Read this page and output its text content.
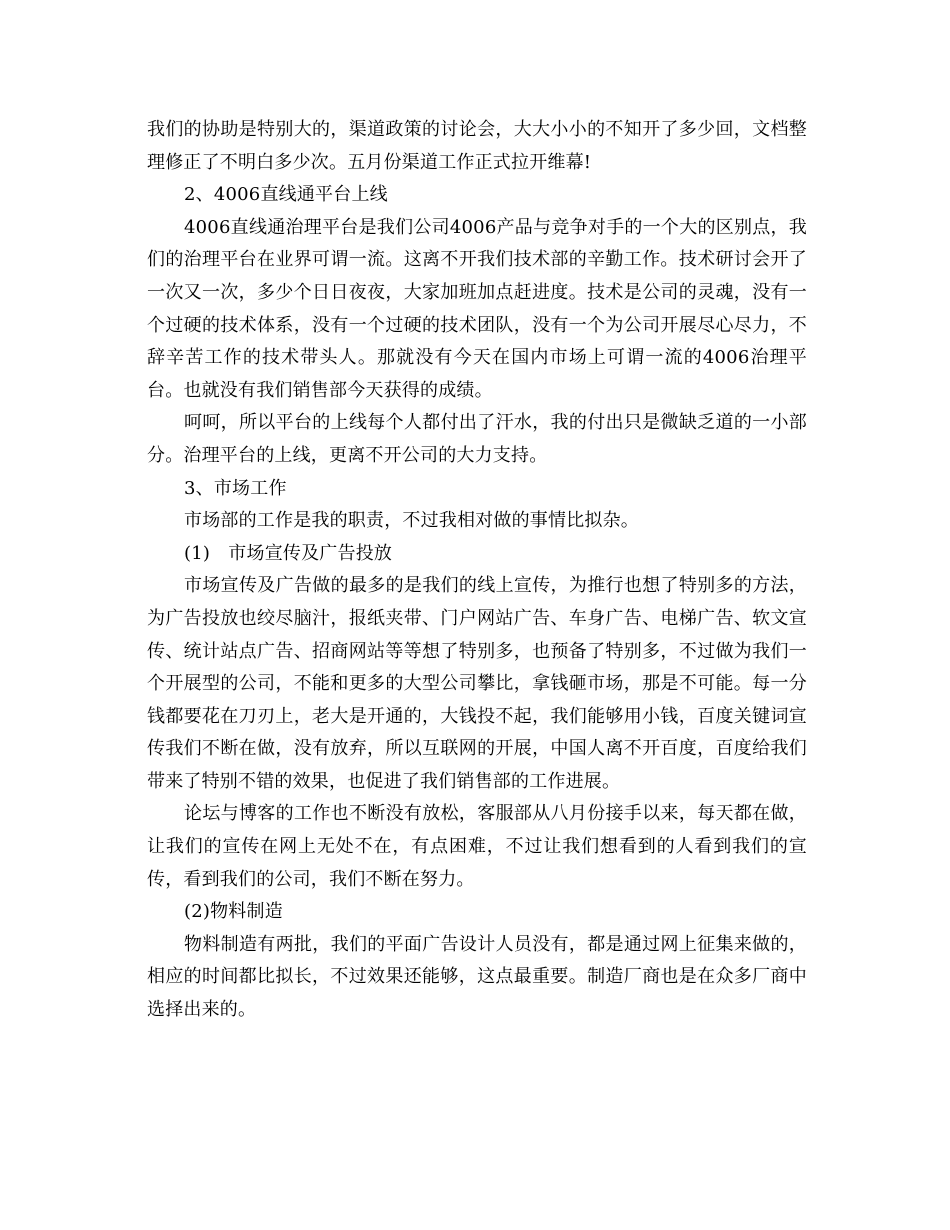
我们的协助是特别大的，渠道政策的讨论会，大大小小的不知开了多少回，文档整理修正了不明白多少次。五月份渠道工作正式拉开维幕!

2、4006直线通平台上线

4006直线通治理平台是我们公司4006产品与竞争对手的一个大的区别点，我们的治理平台在业界可谓一流。这离不开我们技术部的辛勤工作。技术研讨会开了一次又一次，多少个日日夜夜，大家加班加点赶进度。技术是公司的灵魂，没有一个过硬的技术体系，没有一个过硬的技术团队，没有一个为公司开展尽心尽力，不辞辛苦工作的技术带头人。那就没有今天在国内市场上可谓一流的4006治理平台。也就没有我们销售部今天获得的成绩。

呵呵，所以平台的上线每个人都付出了汗水，我的付出只是微缺乏道的一小部分。治理平台的上线，更离不开公司的大力支持。

3、市场工作

市场部的工作是我的职责，不过我相对做的事情比拟杂。

(1)　市场宣传及广告投放

市场宣传及广告做的最多的是我们的线上宣传，为推行也想了特别多的方法，为广告投放也绞尽脑汁，报纸夹带、门户网站广告、车身广告、电梯广告、软文宣传、统计站点广告、招商网站等等想了特别多，也预备了特别多，不过做为我们一个开展型的公司，不能和更多的大型公司攀比，拿钱砸市场，那是不可能。每一分钱都要花在刀刃上，老大是开通的，大钱投不起，我们能够用小钱，百度关键词宣传我们不断在做，没有放弃，所以互联网的开展，中国人离不开百度，百度给我们带来了特别不错的效果，也促进了我们销售部的工作进展。

论坛与博客的工作也不断没有放松，客服部从八月份接手以来，每天都在做，让我们的宣传在网上无处不在，有点困难，不过让我们想看到的人看到我们的宣传，看到我们的公司，我们不断在努力。

(2)物料制造

物料制造有两批，我们的平面广告设计人员没有，都是通过网上征集来做的，相应的时间都比拟长，不过效果还能够，这点最重要。制造厂商也是在众多厂商中选择出来的。
